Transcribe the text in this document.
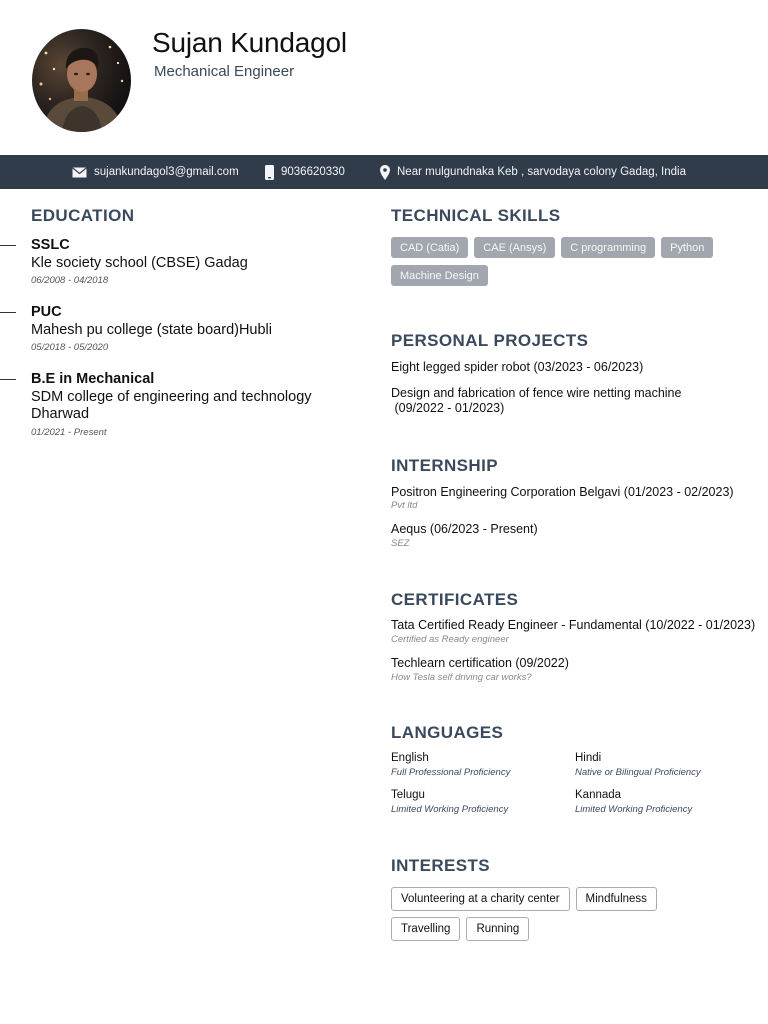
Sujan Kundagol
Mechanical Engineer
sujankundagol3@gmail.com	9036620330	Near mulgundnaka Keb , sarvodaya colony Gadag, India
EDUCATION
SSLC
Kle society school (CBSE) Gadag
06/2008 - 04/2018
PUC
Mahesh pu college (state board)Hubli
05/2018 - 05/2020
B.E in Mechanical
SDM college of engineering and technology Dharwad
01/2021 - Present
TECHNICAL SKILLS
CAD (Catia)	CAE (Ansys)	C programming	Python
Machine Design
PERSONAL PROJECTS
Eight legged spider robot (03/2023 - 06/2023)
Design and fabrication of fence wire netting machine
(09/2022 - 01/2023)
INTERNSHIP
Positron Engineering Corporation Belgavi (01/2023 - 02/2023)
Pvt ltd
Aequs (06/2023 - Present)
SEZ
CERTIFICATES
Tata Certified Ready Engineer - Fundamental (10/2022 - 01/2023)
Certified as Ready engineer
Techlearn certification (09/2022)
How Tesla self driving car works?
LANGUAGES
English
Full Professional Proficiency
Hindi
Native or Bilingual Proficiency
Telugu
Limited Working Proficiency
Kannada
Limited Working Proficiency
INTERESTS
Volunteering at a charity center	Mindfulness
Travelling	Running
